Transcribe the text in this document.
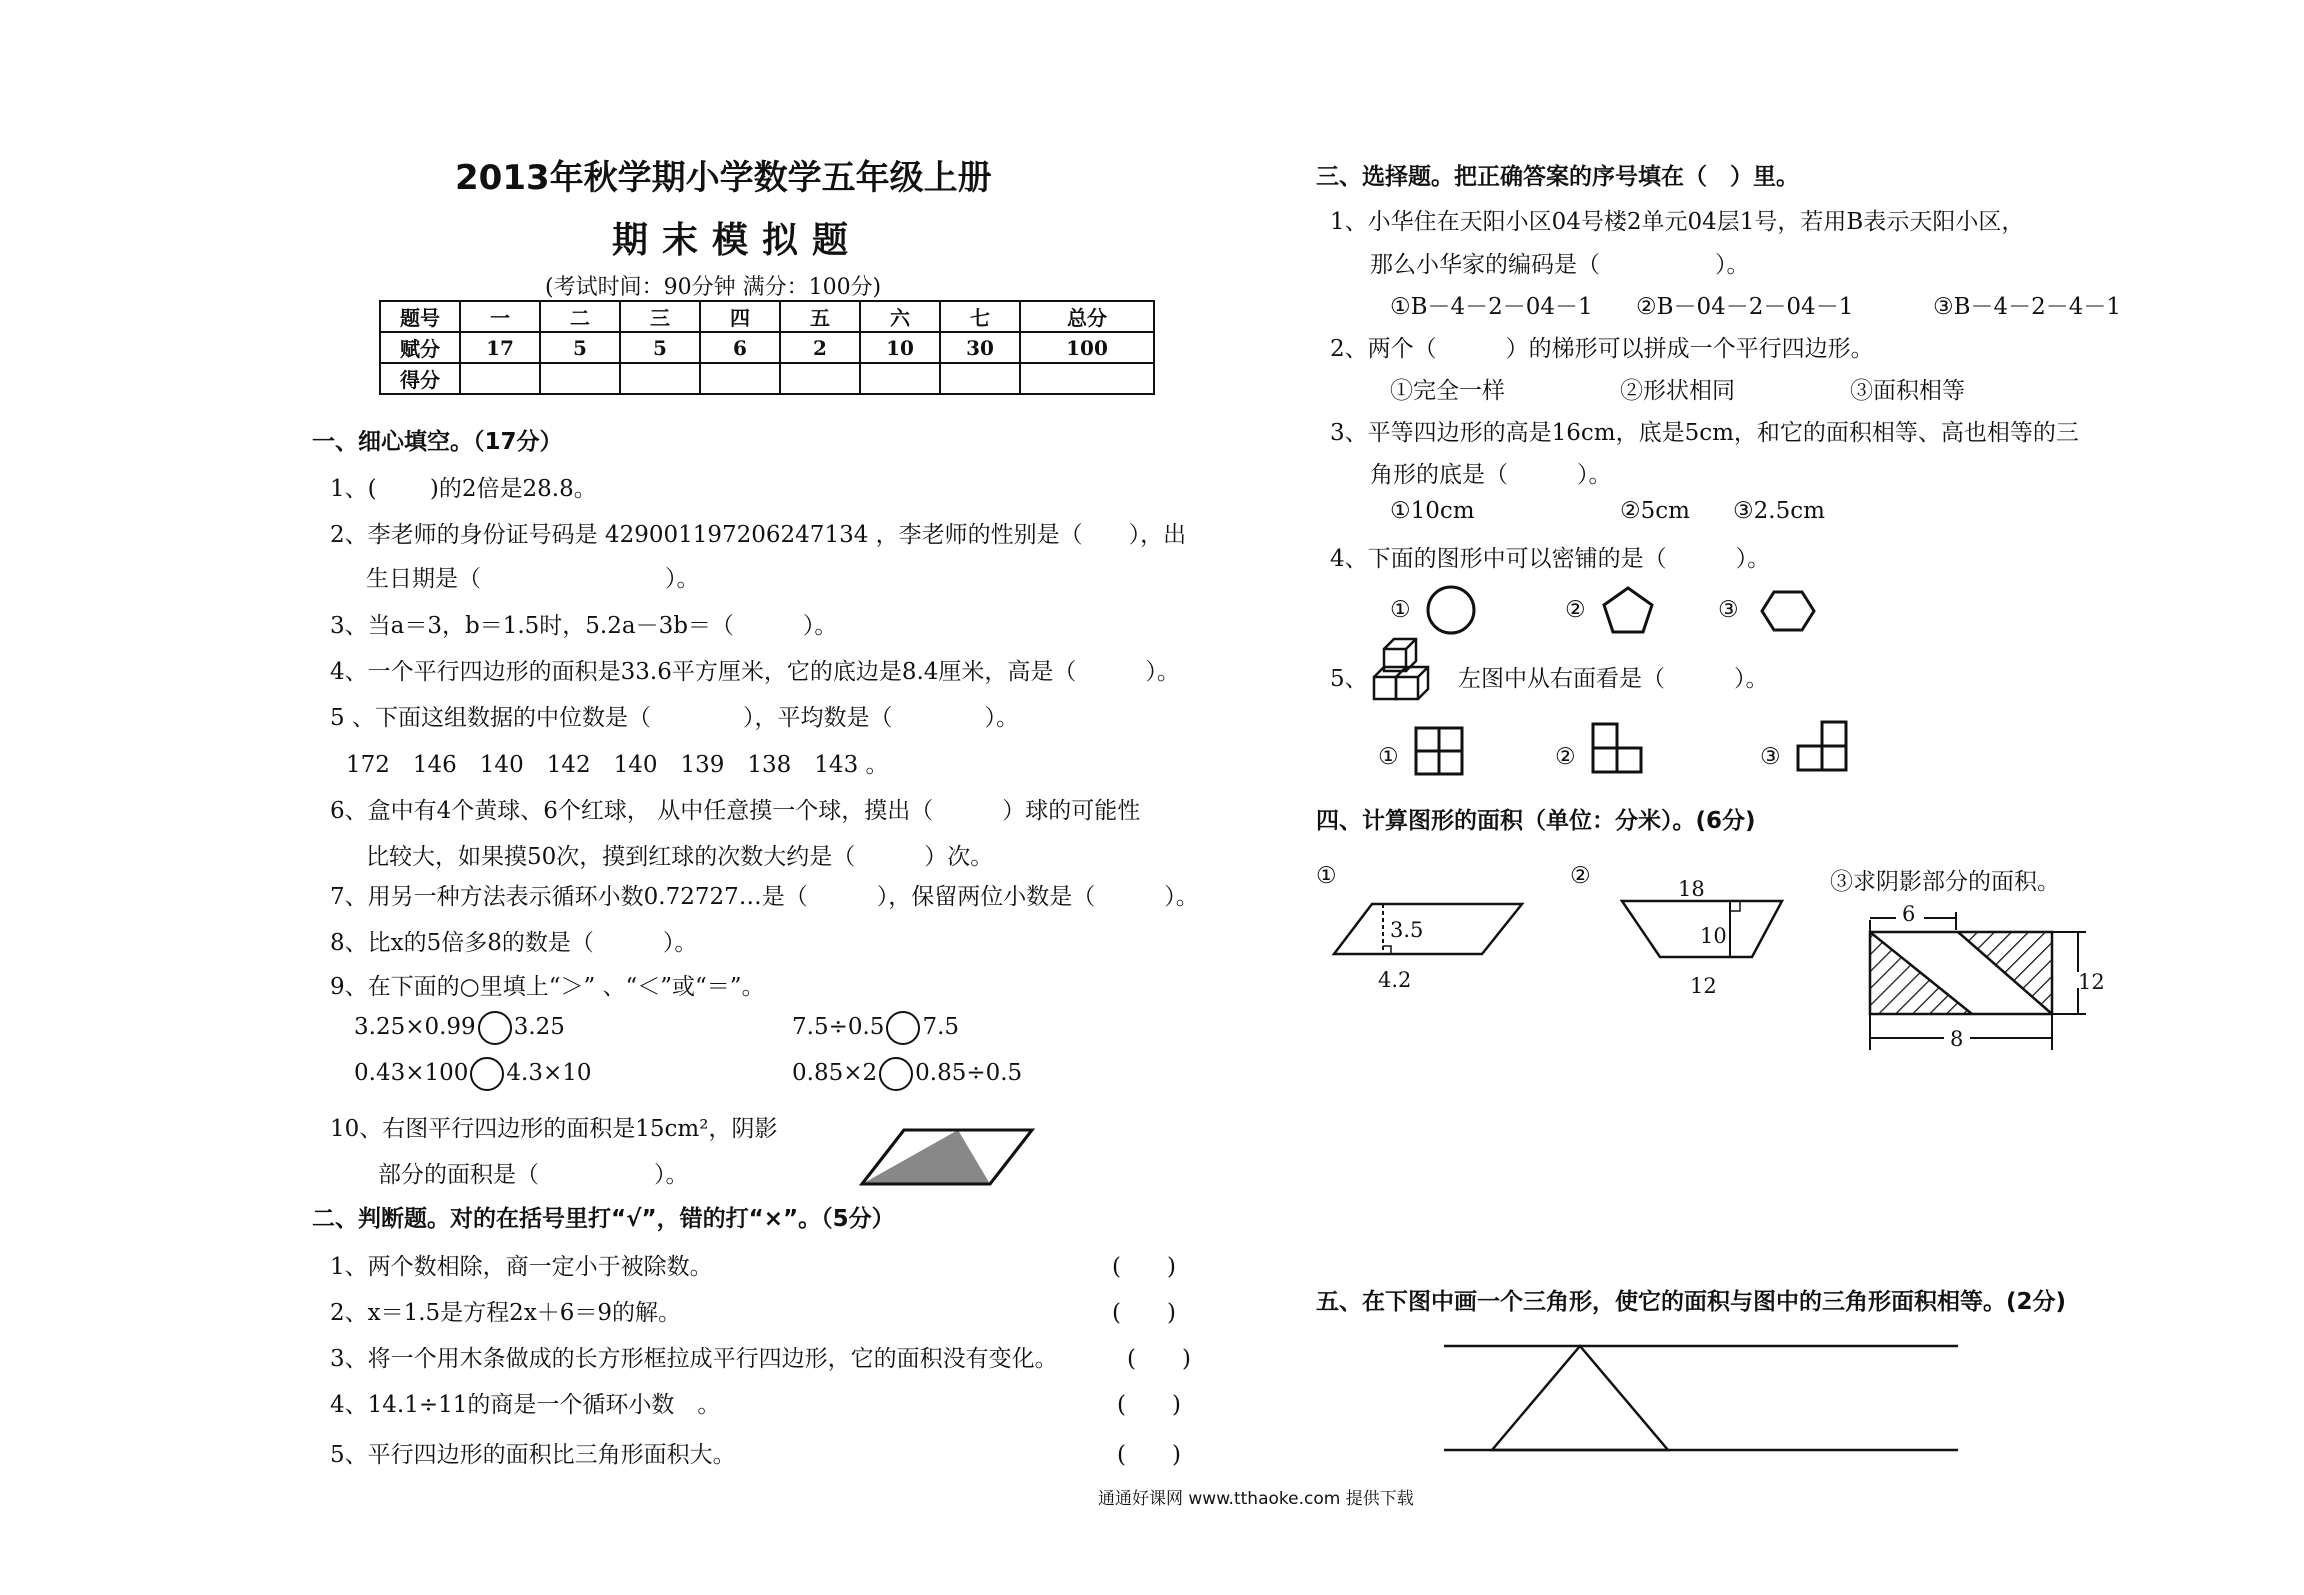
2013年秋学期小学数学五年级上册
期末模拟题
(考试时间：90分钟 满分：100分)
题号	一	二	三	四	五	六	七	总分
赋分	17	5	5	6	2	10	30	100
得分								
一、细心填空。（17分）
1、(　　 )的2倍是28.8。
2、李老师的身份证号码是 429001197206247134 ，李老师的性别是（　　），出
生日期是（　　　　　　　　）。
3、当a＝3，b＝1.5时，5.2a－3b＝（　　　）。
4、一个平行四边形的面积是33.6平方厘米，它的底边是8.4厘米，高是（　　　）。
5 、下面这组数据的中位数是（　　　　），平均数是（　　　　）。
172　146　140　142　140　139　138　143 。
6、盒中有4个黄球、6个红球， 从中任意摸一个球，摸出（　　　）球的可能性
比较大，如果摸50次，摸到红球的次数大约是（　　　）次。
7、用另一种方法表示循环小数0.72727…是（　　　），保留两位小数是（　　　）。
8、比x的5倍多8的数是（　　　）。
9、在下面的○里填上“＞” 、“＜”或“＝”。
3.25×0.99 3.25	7.5÷0.5 7.5
0.43×100 4.3×10	0.85×2 0.85÷0.5
10、右图平行四边形的面积是15cm²，阴影
部分的面积是（　　　　　）。
二、判断题。对的在括号里打“√”，错的打“×”。（5分）
1、两个数相除，商一定小于被除数。	(　　)
2、x＝1.5是方程2x＋6＝9的解。	(　　)
3、将一个用木条做成的长方形框拉成平行四边形，它的面积没有变化。	(　　)
4、14.1÷11的商是一个循环小数　。	(　　)
5、平行四边形的面积比三角形面积大。	(　　)
三、选择题。把正确答案的序号填在（　）里。
1、小华住在天阳小区04号楼2单元04层1号，若用B表示天阳小区，
那么小华家的编码是（　　　　　）。
①B－4－2－04－1 ②B－04－2－04－1	③B－4－2－4－1
2、两个（　　　）的梯形可以拼成一个平行四边形。
①完全一样	②形状相同	③面积相等
3、平等四边形的高是16cm，底是5cm，和它的面积相等、高也相等的三
角形的底是（　　　）。
①10cm	②5cm ③2.5cm
4、下面的图形中可以密铺的是（　　　）。
①	②	③
5、	左图中从右面看是（　　　）。
①	②	③
四、计算图形的面积（单位：分米）。(6分)
①
3.5
4.2
②	18
10
12
③求阴影部分的面积。
6
12
8
五、在下图中画一个三角形，使它的面积与图中的三角形面积相等。(2分)
通通好课网 www.tthaoke.com 提供下载
